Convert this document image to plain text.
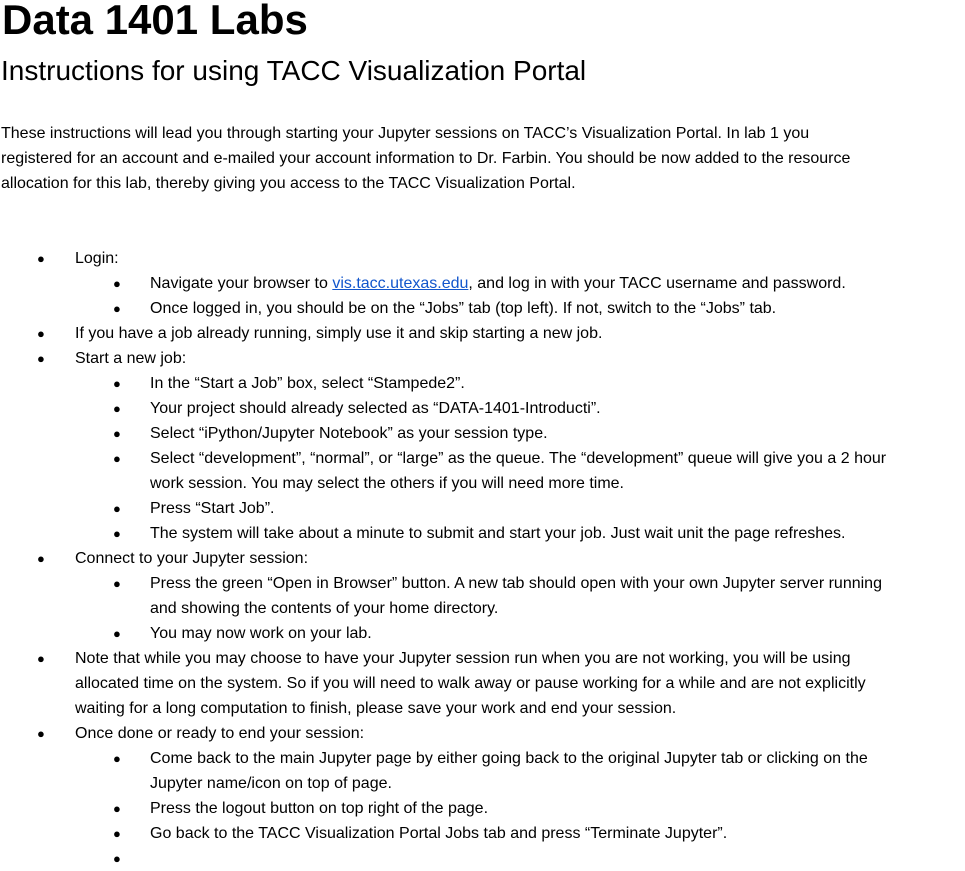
Data 1401 Labs
Instructions for using TACC Visualization Portal

These instructions will lead you through starting your Jupyter sessions on TACC’s Visualization Portal. In lab 1 you
registered for an account and e-mailed your account information to Dr. Farbin. You should be now added to the resource
allocation for this lab, thereby giving you access to the TACC Visualization Portal.

● Login:
● Navigate your browser to vis.tacc.utexas.edu, and log in with your TACC username and password.
● Once logged in, you should be on the “Jobs” tab (top left). If not, switch to the “Jobs” tab.
● If you have a job already running, simply use it and skip starting a new job.
● Start a new job:
● In the “Start a Job” box, select “Stampede2”.
● Your project should already selected as “DATA-1401-Introducti”.
● Select “iPython/Jupyter Notebook” as your session type.
● Select “development”, “normal”, or “large” as the queue. The “development” queue will give you a 2 hour
work session. You may select the others if you will need more time.
● Press “Start Job”.
● The system will take about a minute to submit and start your job. Just wait unit the page refreshes.
● Connect to your Jupyter session:
● Press the green “Open in Browser” button. A new tab should open with your own Jupyter server running
and showing the contents of your home directory.
● You may now work on your lab.
● Note that while you may choose to have your Jupyter session run when you are not working, you will be using
allocated time on the system. So if you will need to walk away or pause working for a while and are not explicitly
waiting for a long computation to finish, please save your work and end your session.
● Once done or ready to end your session:
● Come back to the main Jupyter page by either going back to the original Jupyter tab or clicking on the
Jupyter name/icon on top of page.
● Press the logout button on top right of the page.
● Go back to the TACC Visualization Portal Jobs tab and press “Terminate Jupyter”.
●
